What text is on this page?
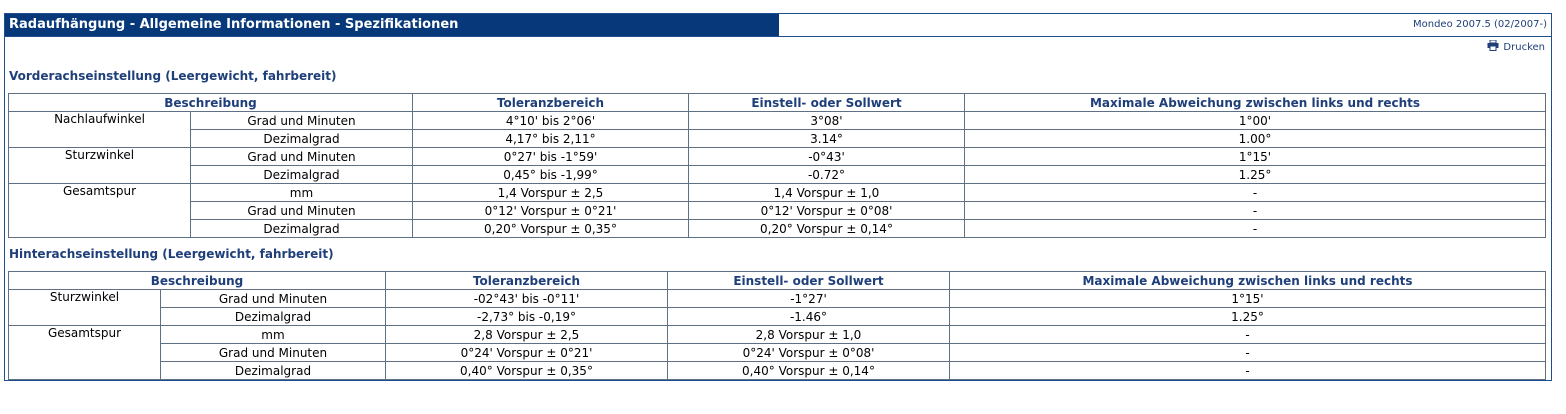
Radaufhängung - Allgemeine Informationen - Spezifikationen	Mondeo 2007.5 (02/2007-)
Drucken
Vorderachseinstellung (Leergewicht, fahrbereit)
Beschreibung		Toleranzbereich	Einstell- oder Sollwert	Maximale Abweichung zwischen links und rechts
Nachlaufwinkel	Grad und Minuten	4°10' bis 2°06'	3°08'	1°00'
	Dezimalgrad	4,17° bis 2,11°	3.14°	1.00°
Sturzwinkel	Grad und Minuten	0°27' bis -1°59'	-0°43'	1°15'
	Dezimalgrad	0,45° bis -1,99°	-0.72°	1.25°
Gesamtspur	mm	1,4 Vorspur ± 2,5	1,4 Vorspur ± 1,0	-
	Grad und Minuten	0°12' Vorspur ± 0°21'	0°12' Vorspur ± 0°08'	-
	Dezimalgrad	0,20° Vorspur ± 0,35°	0,20° Vorspur ± 0,14°	-
Hinterachseinstellung (Leergewicht, fahrbereit)
Beschreibung		Toleranzbereich	Einstell- oder Sollwert	Maximale Abweichung zwischen links und rechts
Sturzwinkel	Grad und Minuten	-02°43' bis -0°11'	-1°27'	1°15'
	Dezimalgrad	-2,73° bis -0,19°	-1.46°	1.25°
Gesamtspur	mm	2,8 Vorspur ± 2,5	2,8 Vorspur ± 1,0	-
	Grad und Minuten	0°24' Vorspur ± 0°21'	0°24' Vorspur ± 0°08'	-
	Dezimalgrad	0,40° Vorspur ± 0,35°	0,40° Vorspur ± 0,14°	-
